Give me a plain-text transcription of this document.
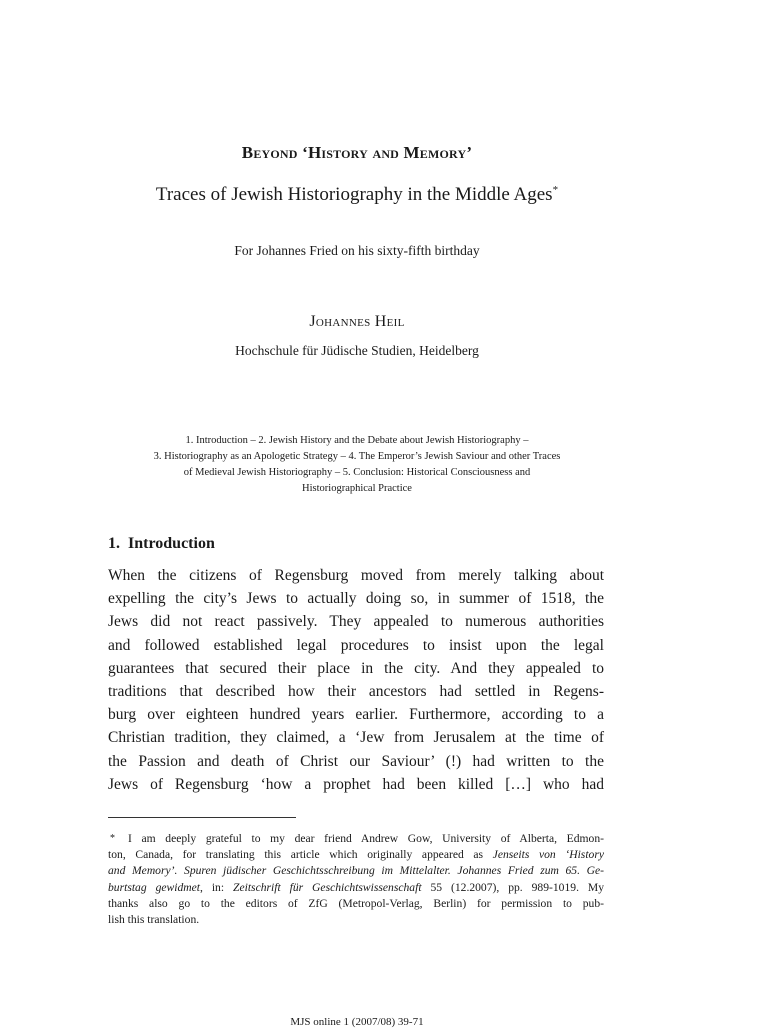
Beyond ‘History and Memory’
Traces of Jewish Historiography in the Middle Ages*
For Johannes Fried on his sixty-fifth birthday
Johannes Heil
Hochschule für Jüdische Studien, Heidelberg
1. Introduction – 2. Jewish History and the Debate about Jewish Historiography –
3. Historiography as an Apologetic Strategy – 4. The Emperor’s Jewish Saviour and other Traces
of Medieval Jewish Historiography – 5. Conclusion: Historical Consciousness and
Historiographical Practice
1. Introduction
When the citizens of Regensburg moved from merely talking about
expelling the city’s Jews to actually doing so, in summer of 1518, the
Jews did not react passively. They appealed to numerous authorities
and followed established legal procedures to insist upon the legal
guarantees that secured their place in the city. And they appealed to
traditions that described how their ancestors had settled in Regens-
burg over eighteen hundred years earlier. Furthermore, according to a
Christian tradition, they claimed, a ‘Jew from Jerusalem at the time of
the Passion and death of Christ our Saviour’ (!) had written to the
Jews of Regensburg ‘how a prophet had been killed […] who had
* I am deeply grateful to my dear friend Andrew Gow, University of Alberta, Edmon-
ton, Canada, for translating this article which originally appeared as Jenseits von ‘History
and Memory’. Spuren jüdischer Geschichtsschreibung im Mittelalter. Johannes Fried zum 65. Ge-
burtstag gewidmet, in: Zeitschrift für Geschichtswissenschaft 55 (12.2007), pp. 989-1019. My
thanks also go to the editors of ZfG (Metropol-Verlag, Berlin) for permission to pub-
lish this translation.
MJS online 1 (2007/08) 39-71
